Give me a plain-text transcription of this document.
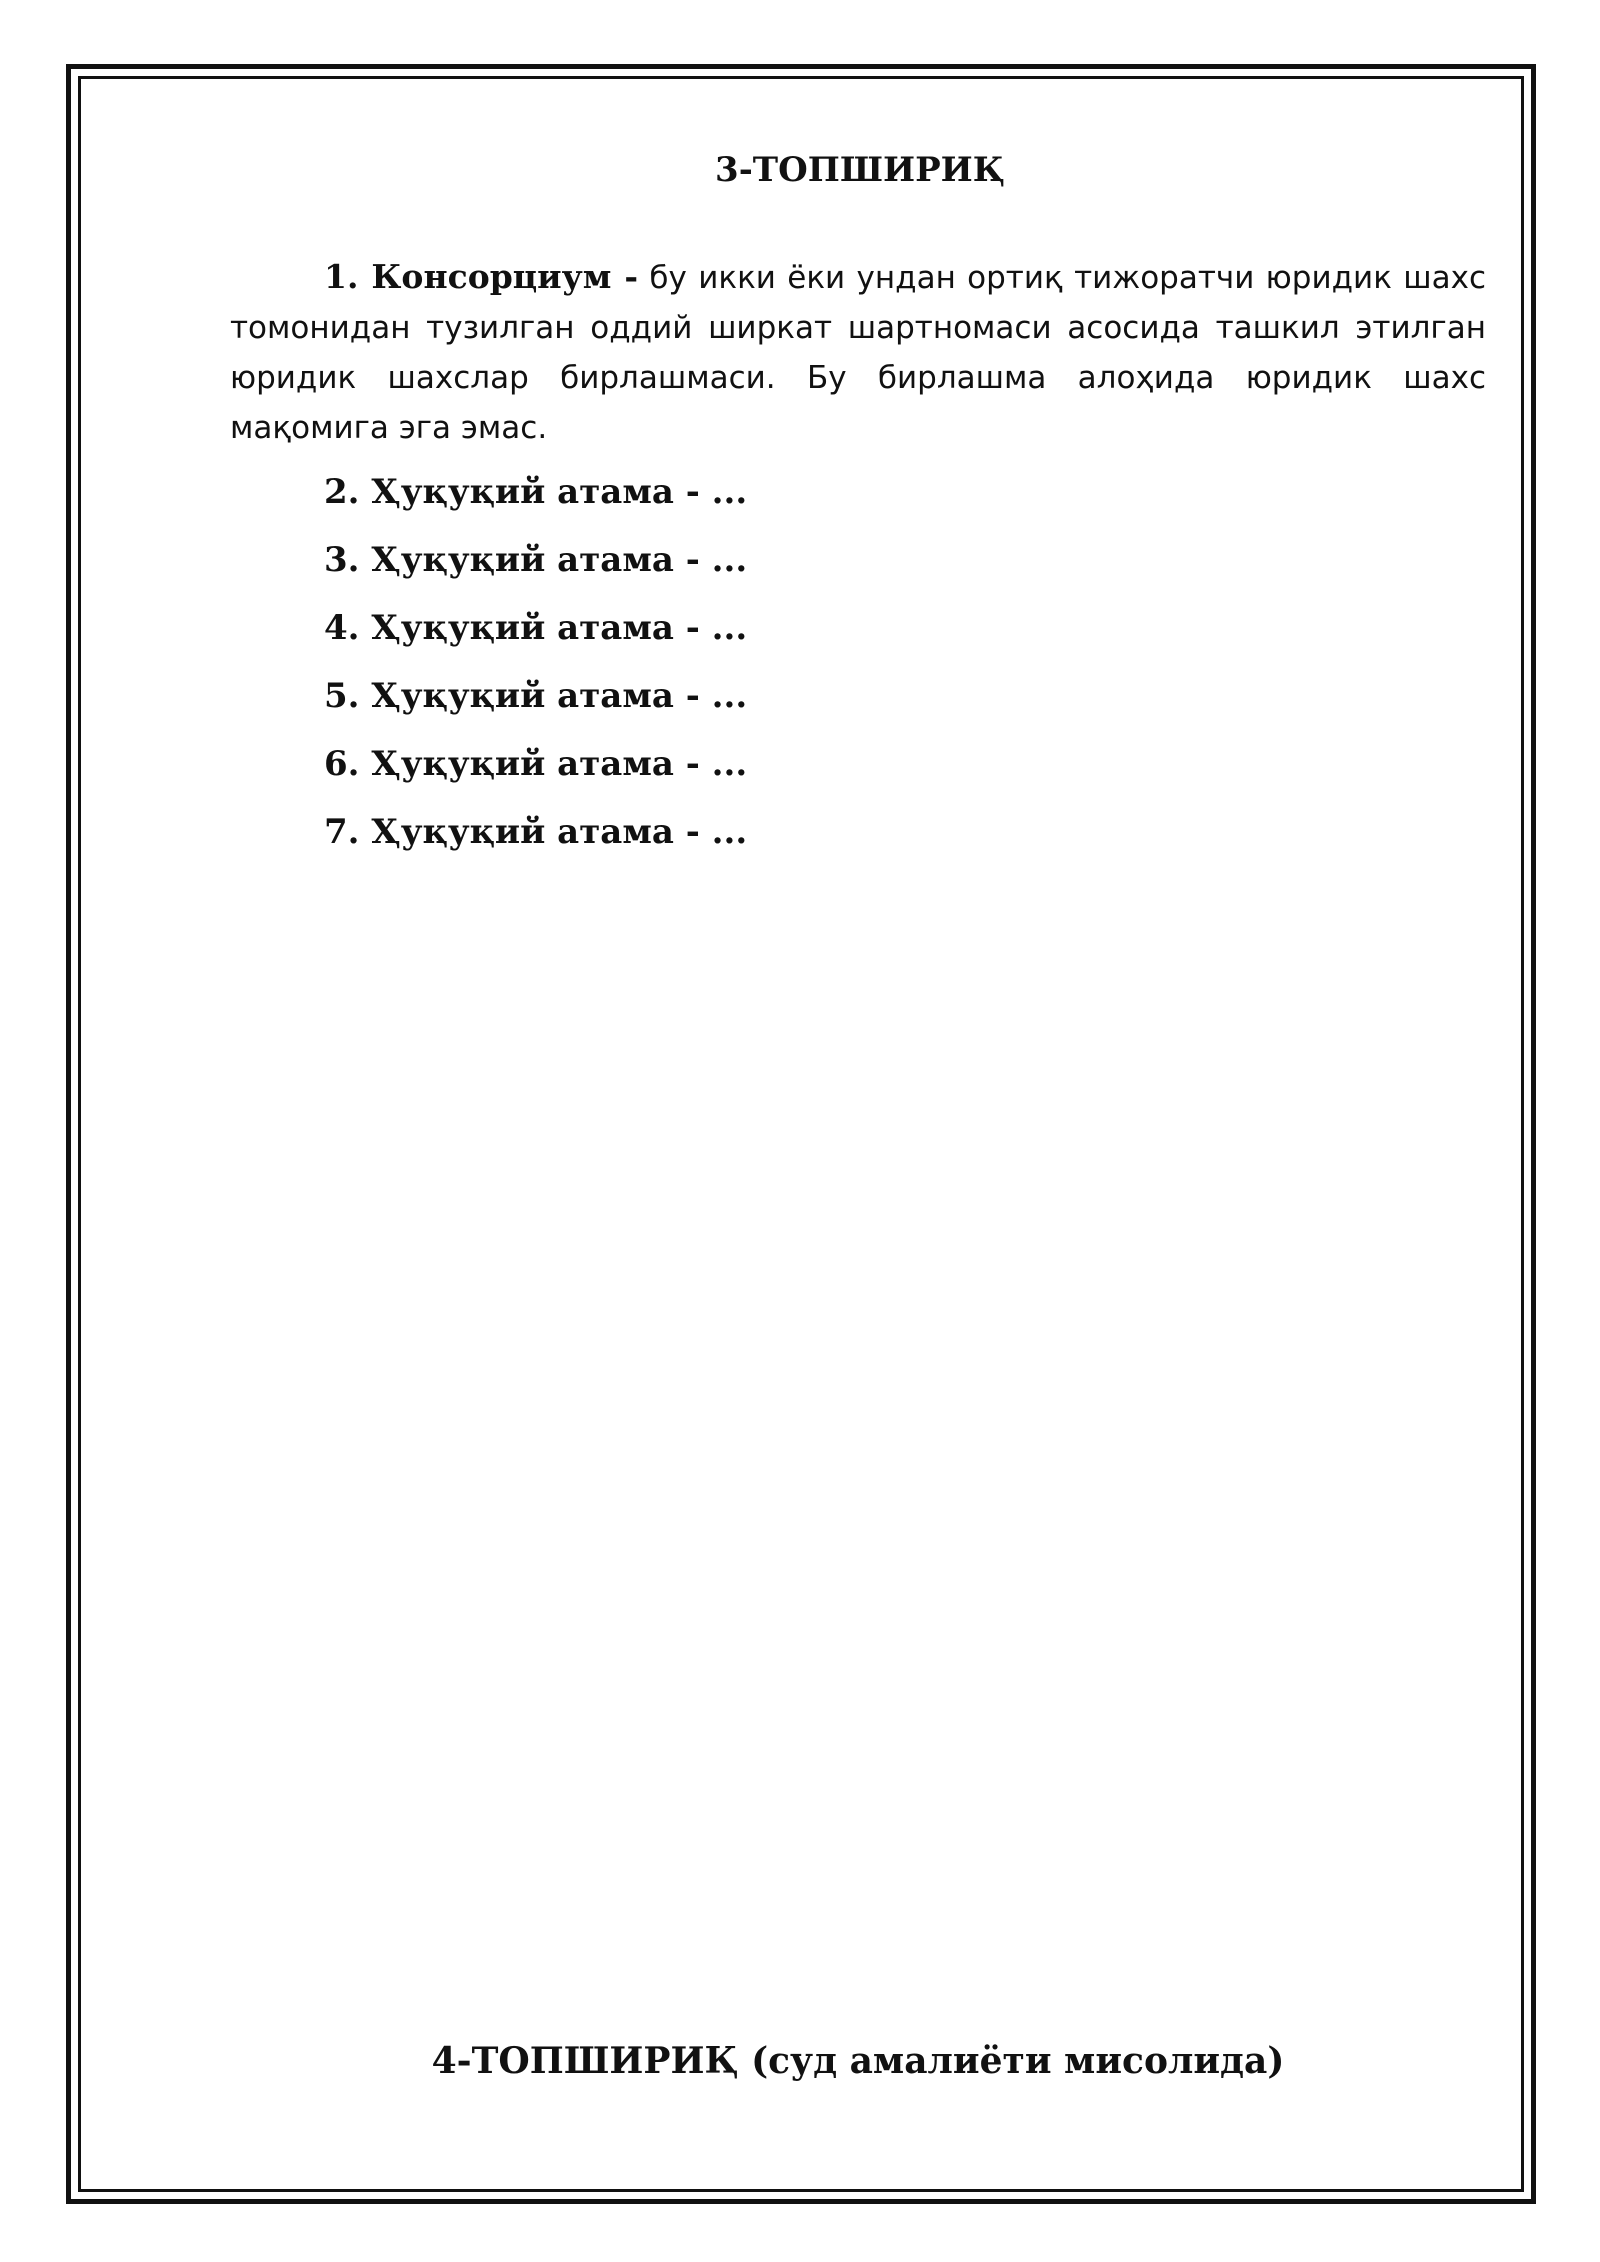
3-ТОПШИРИҚ
1. Консорциум - бу икки ёки ундан ортиқ тижоратчи юридик шахс томонидан тузилган оддий ширкат шартномаси асосида ташкил этилган юридик шахслар бирлашмаси. Бу бирлашма алоҳида юридик шахс мақомига эга эмас.
2. Ҳуқуқий атама - ...
3. Ҳуқуқий атама - ...
4. Ҳуқуқий атама - ...
5. Ҳуқуқий атама - ...
6. Ҳуқуқий атама - ...
7. Ҳуқуқий атама - ...
4-ТОПШИРИҚ (суд амалиёти мисолида)
